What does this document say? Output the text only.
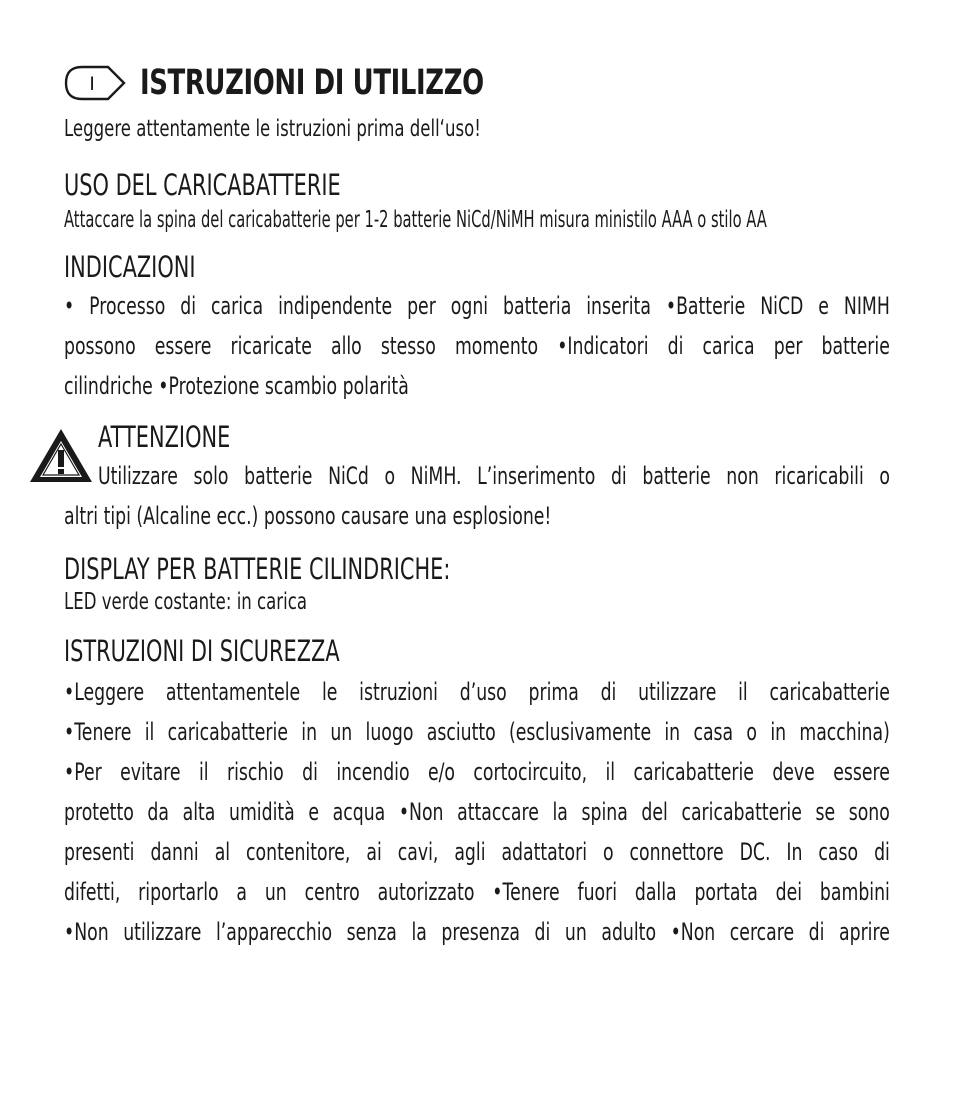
I ISTRUZIONI DI UTILIZZO
Leggere attentamente le istruzioni prima dell‘uso!
USO DEL CARICABATTERIE
Attaccare la spina del caricabatterie per 1-2 batterie NiCd/NiMH misura ministilo AAA o stilo AA
INDICAZIONI
• Processo di carica indipendente per ogni batteria inserita •Batterie NiCD e NIMH
possono essere ricaricate allo stesso momento •Indicatori di carica per batterie
cilindriche •Protezione scambio polarità
ATTENZIONE
Utilizzare solo batterie NiCd o NiMH. L’inserimento di batterie non ricaricabili o
altri tipi (Alcaline ecc.) possono causare una esplosione!
DISPLAY PER BATTERIE CILINDRICHE:
LED verde costante: in carica
ISTRUZIONI DI SICUREZZA
•Leggere attentamentele le istruzioni d’uso prima di utilizzare il caricabatterie
•Tenere il caricabatterie in un luogo asciutto (esclusivamente in casa o in macchina)
•Per evitare il rischio di incendio e/o cortocircuito, il caricabatterie deve essere
protetto da alta umidità e acqua •Non attaccare la spina del caricabatterie se sono
presenti danni al contenitore, ai cavi, agli adattatori o connettore DC. In caso di
difetti, riportarlo a un centro autorizzato •Tenere fuori dalla portata dei bambini
•Non utilizzare l’apparecchio senza la presenza di un adulto •Non cercare di aprire
